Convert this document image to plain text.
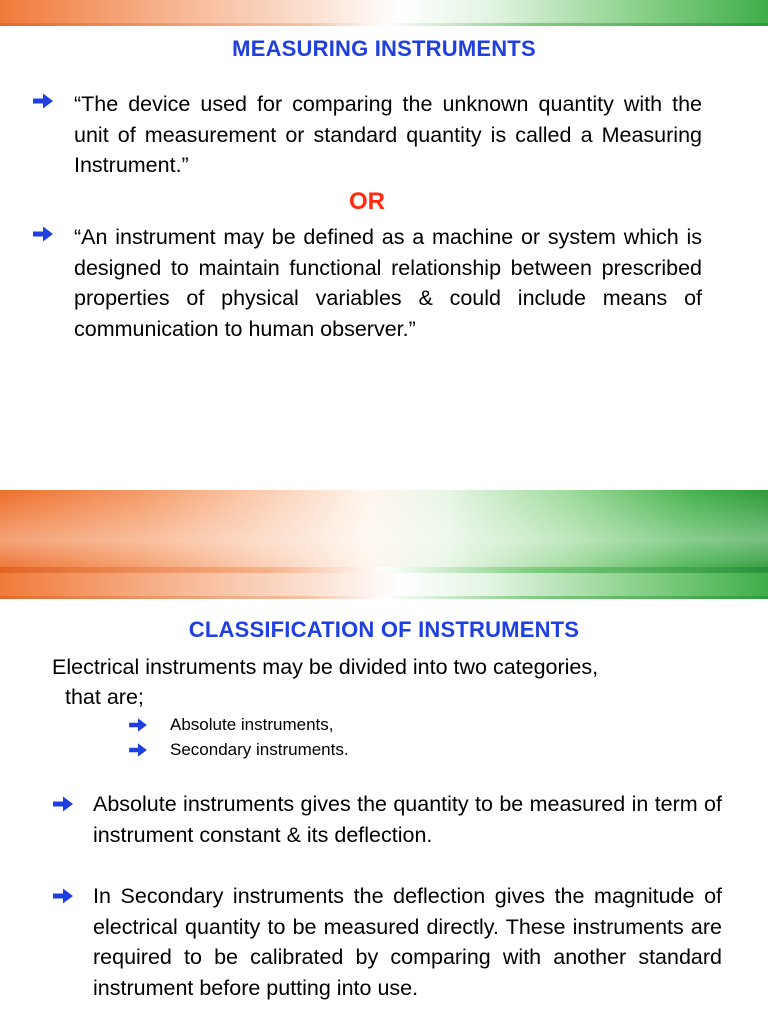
MEASURING INSTRUMENTS
“The device used for comparing the unknown quantity with the unit of measurement or standard quantity is called a Measuring Instrument.”
OR
“An instrument may be defined as a machine or system which is designed to maintain functional relationship between prescribed properties of physical variables & could include means of communication to human observer.”
CLASSIFICATION OF INSTRUMENTS
Electrical instruments may be divided into two categories,
that are;
Absolute instruments,
Secondary instruments.
Absolute instruments gives the quantity to be measured in term of instrument constant & its deflection.
In Secondary instruments the deflection gives the magnitude of electrical quantity to be measured directly. These instruments are required to be calibrated by comparing with another standard instrument before putting into use.
